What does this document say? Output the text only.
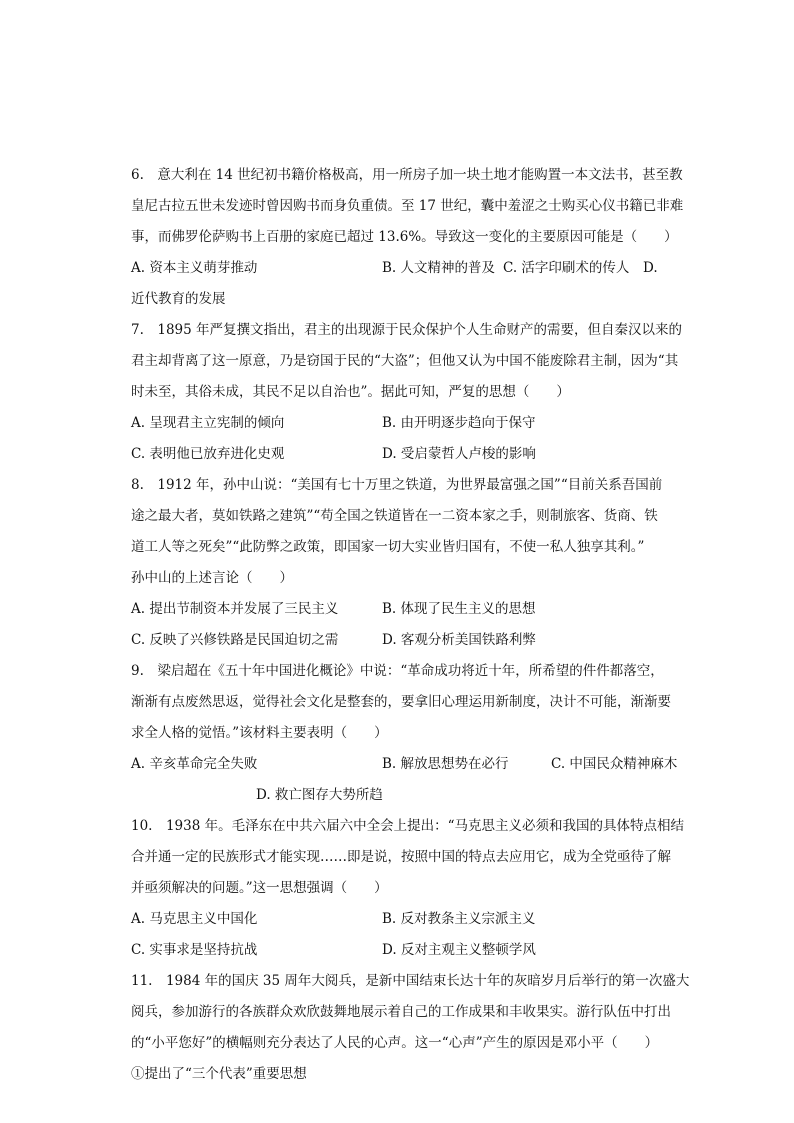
6.　意大利在 14 世纪初书籍价格极高，用一所房子加一块土地才能购置一本文法书，甚至教
皇尼古拉五世未发迹时曾因购书而身负重债。至 17 世纪，囊中羞涩之士购买心仪书籍已非难
事，而佛罗伦萨购书上百册的家庭已超过 13.6%。导致这一变化的主要原因可能是（　　）
A. 资本主义萌芽推动	B. 人文精神的普及 C. 活字印刷术的传人	D.
近代教育的发展
7.　1895 年严复撰文指出，君主的出现源于民众保护个人生命财产的需要，但自秦汉以来的
君主却背离了这一原意，乃是窃国于民的“大盗”；但他又认为中国不能废除君主制，因为“其
时未至，其俗未成，其民不足以自治也”。据此可知，严复的思想（　　）
A. 呈现君主立宪制的倾向	B. 由开明逐步趋向于保守
C. 表明他已放弃进化史观	D. 受启蒙哲人卢梭的影响
8.　1912 年，孙中山说：“美国有七十万里之铁道，为世界最富强之国”“目前关系吾国前
途之最大者，莫如铁路之建筑”“苟全国之铁道皆在一二资本家之手，则制旅客、货商、铁
道工人等之死矣”“此防弊之政策，即国家一切大实业皆归国有，不使一私人独享其利。”
孙中山的上述言论（　　）
A. 提出节制资本并发展了三民主义	B. 体现了民生主义的思想
C. 反映了兴修铁路是民国迫切之需	D. 客观分析美国铁路利弊
9.　梁启超在《五十年中国进化概论》中说：“革命成功将近十年，所希望的件件都落空，
渐渐有点废然思返，觉得社会文化是整套的，要拿旧心理运用新制度，决计不可能，渐渐要
求全人格的觉悟。”该材料主要表明（　　）
A. 辛亥革命完全失败	B. 解放思想势在必行	C. 中国民众精神麻木
D. 救亡图存大势所趋
10.　1938 年。毛泽东在中共六届六中全会上提出：“马克思主义必须和我国的具体特点相结
合并通一定的民族形式才能实现……即是说，按照中国的特点去应用它，成为全党亟待了解
并亟须解决的问题。”这一思想强调（　　）
A. 马克思主义中国化	B. 反对教条主义宗派主义
C. 实事求是坚持抗战	D. 反对主观主义整顿学风
11.　1984 年的国庆 35 周年大阅兵，是新中国结束长达十年的灰暗岁月后举行的第一次盛大
阅兵，参加游行的各族群众欢欣鼓舞地展示着自己的工作成果和丰收果实。游行队伍中打出
的“小平您好”的横幅则充分表达了人民的心声。这一“心声”产生的原因是邓小平（　　）
①提出了“三个代表”重要思想
